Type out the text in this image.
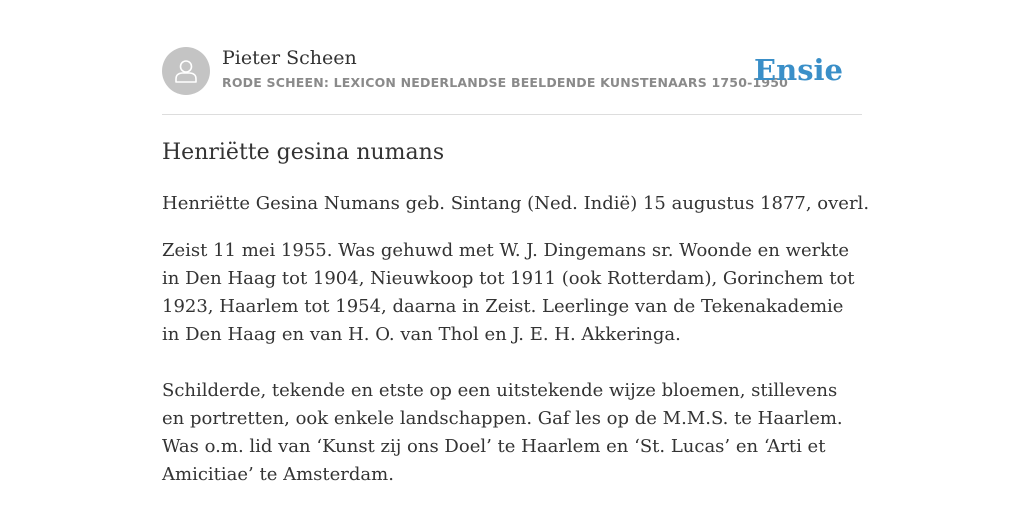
Pieter Scheen
RODE SCHEEN: LEXICON NEDERLANDSE BEELDENDE KUNSTENAARS 1750-1950
Ensie
Henriëtte gesina numans

Henriëtte Gesina Numans geb. Sintang (Ned. Indië) 15 augustus 1877, overl.

Zeist 11 mei 1955. Was gehuwd met W. J. Dingemans sr. Woonde en werkte in Den Haag tot 1904, Nieuwkoop tot 1911 (ook Rotterdam), Gorinchem tot 1923, Haarlem tot 1954, daarna in Zeist. Leerlinge van de Tekenakademie in Den Haag en van H. O. van Thol en J. E. H. Akkeringa.

Schilderde, tekende en etste op een uitstekende wijze bloemen, stillevens en portretten, ook enkele landschappen. Gaf les op de M.M.S. te Haarlem. Was o.m. lid van ‘Kunst zij ons Doel’ te Haarlem en ‘St. Lucas’ en ‘Arti et Amicitiae’ te Amsterdam.
